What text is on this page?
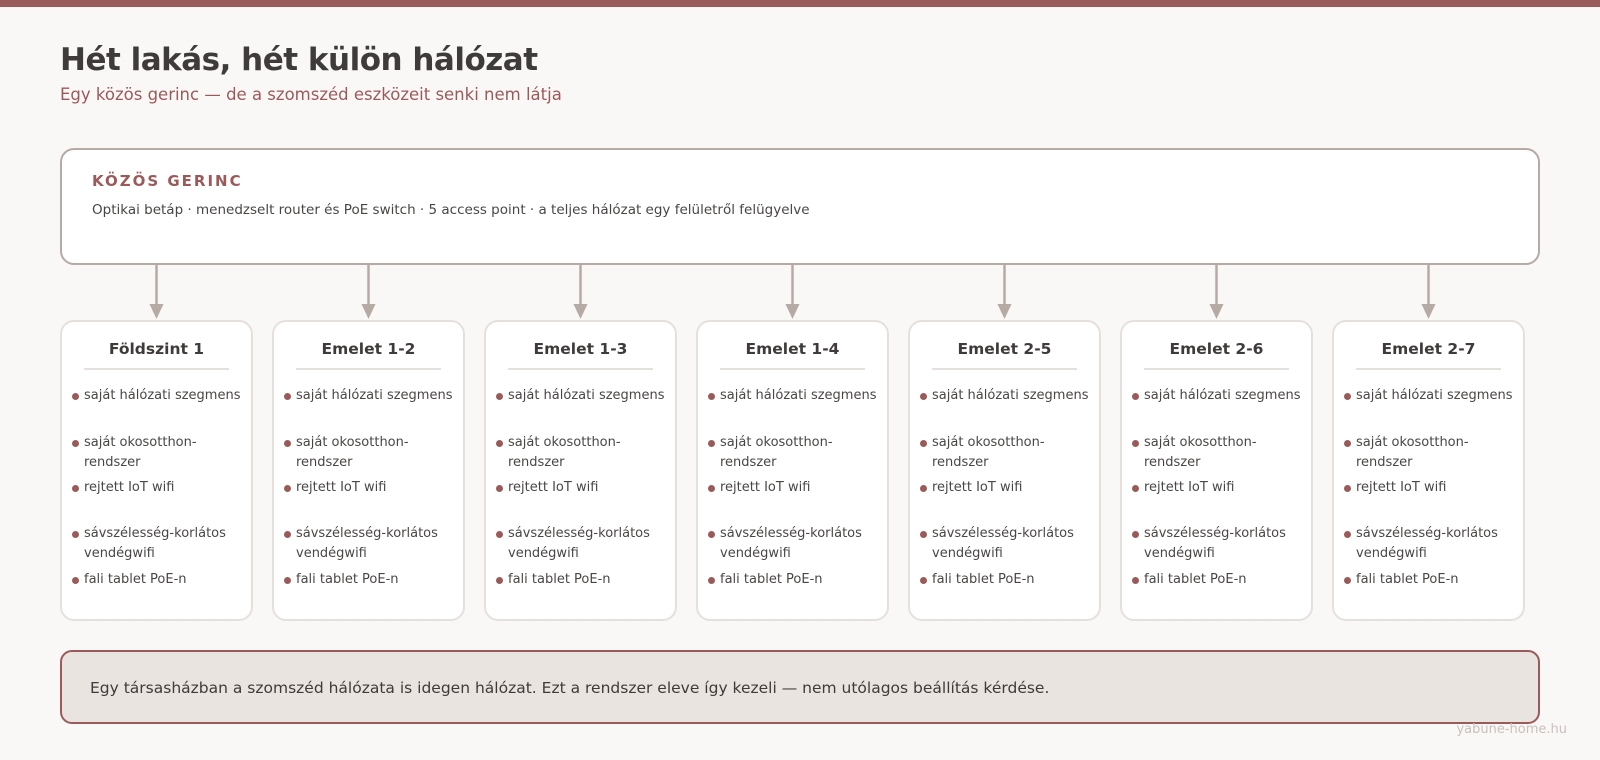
Hét lakás, hét külön hálózat
Egy közös gerinc — de a szomszéd eszközeit senki nem látja
KÖZÖS GERINC
Optikai betáp · menedzselt router és PoE switch · 5 access point · a teljes hálózat egy felületről felügyelve
Földszint 1
saját hálózati szegmens
saját okosotthon-rendszer
rejtett IoT wifi
sávszélesség-korlátos vendégwifi
fali tablet PoE-n
Emelet 1-2
saját hálózati szegmens
saját okosotthon-rendszer
rejtett IoT wifi
sávszélesség-korlátos vendégwifi
fali tablet PoE-n
Emelet 1-3
saját hálózati szegmens
saját okosotthon-rendszer
rejtett IoT wifi
sávszélesség-korlátos vendégwifi
fali tablet PoE-n
Emelet 1-4
saját hálózati szegmens
saját okosotthon-rendszer
rejtett IoT wifi
sávszélesség-korlátos vendégwifi
fali tablet PoE-n
Emelet 2-5
saját hálózati szegmens
saját okosotthon-rendszer
rejtett IoT wifi
sávszélesség-korlátos vendégwifi
fali tablet PoE-n
Emelet 2-6
saját hálózati szegmens
saját okosotthon-rendszer
rejtett IoT wifi
sávszélesség-korlátos vendégwifi
fali tablet PoE-n
Emelet 2-7
saját hálózati szegmens
saját okosotthon-rendszer
rejtett IoT wifi
sávszélesség-korlátos vendégwifi
fali tablet PoE-n
Egy társasházban a szomszéd hálózata is idegen hálózat. Ezt a rendszer eleve így kezeli — nem utólagos beállítás kérdése.
yabune-home.hu
